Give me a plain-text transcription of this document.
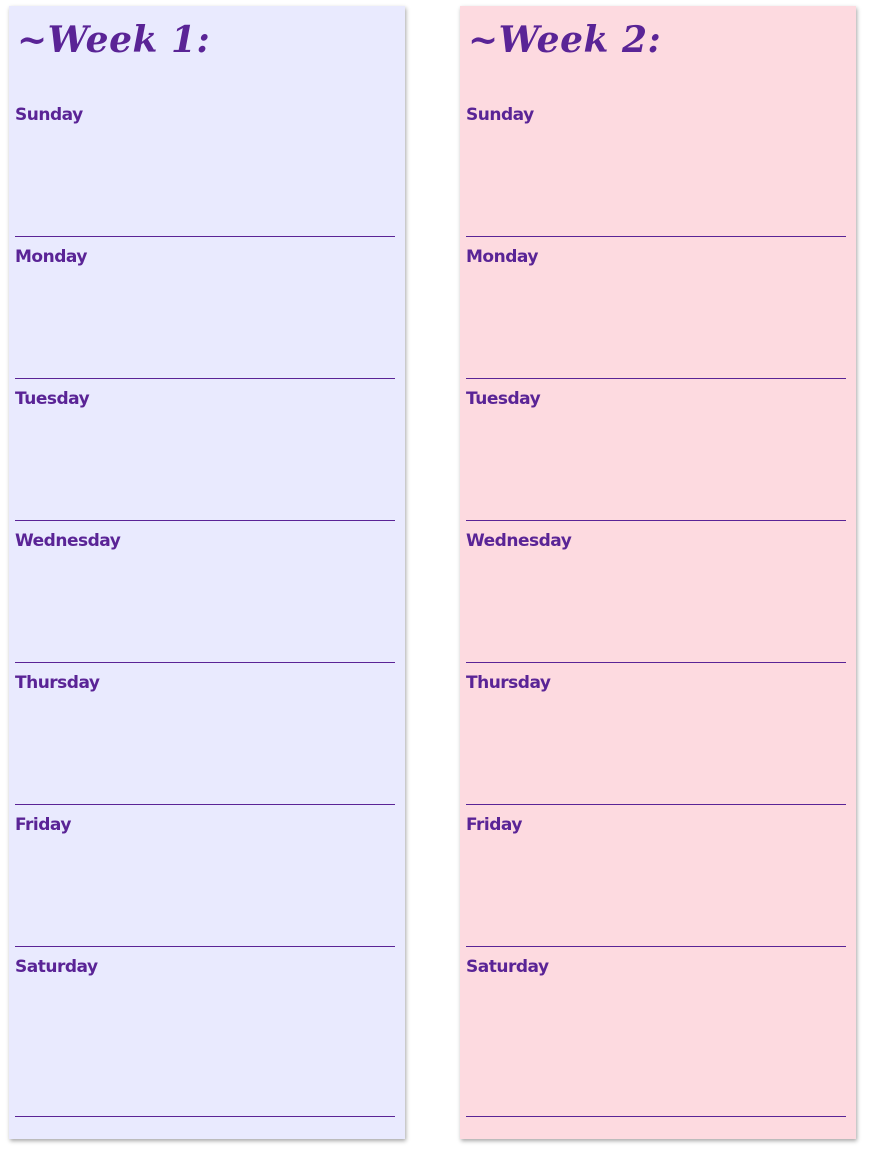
~Week 1:
Sunday
Monday
Tuesday
Wednesday
Thursday
Friday
Saturday
~Week 2:
Sunday
Monday
Tuesday
Wednesday
Thursday
Friday
Saturday
